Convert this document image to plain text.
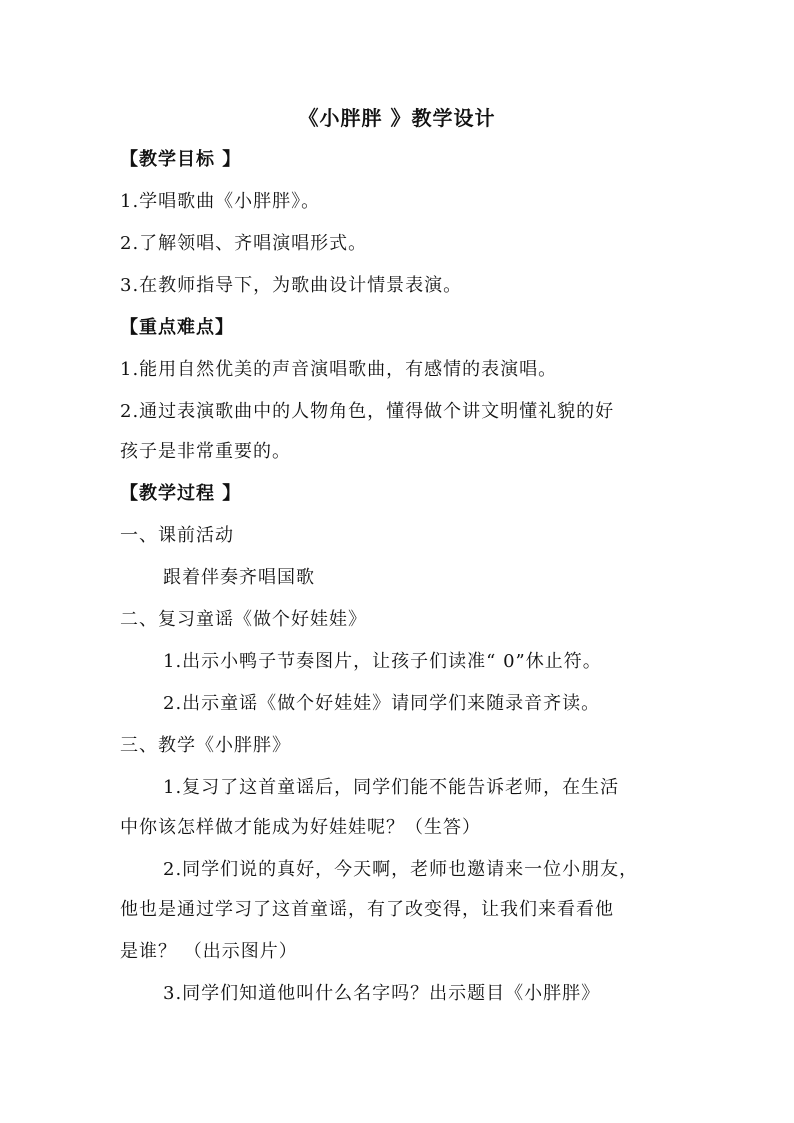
《小胖胖 》教学设计
【教学目标 】
1.学唱歌曲《小胖胖》。
2.了解领唱、齐唱演唱形式。
3.在教师指导下，为歌曲设计情景表演。
【重点难点】
1.能用自然优美的声音演唱歌曲，有感情的表演唱。
2.通过表演歌曲中的人物角色，懂得做个讲文明懂礼貌的好
孩子是非常重要的。
【教学过程 】
一、课前活动
跟着伴奏齐唱国歌
二、复习童谣《做个好娃娃》
1.出示小鸭子节奏图片，让孩子们读准“ 0”休止符。
2.出示童谣《做个好娃娃》请同学们来随录音齐读。
三、教学《小胖胖》
1.复习了这首童谣后，同学们能不能告诉老师，在生活
中你该怎样做才能成为好娃娃呢？（生答）
2.同学们说的真好，今天啊，老师也邀请来一位小朋友，
他也是通过学习了这首童谣，有了改变得，让我们来看看他
是谁？ （出示图片）
3.同学们知道他叫什么名字吗？出示题目《小胖胖》
